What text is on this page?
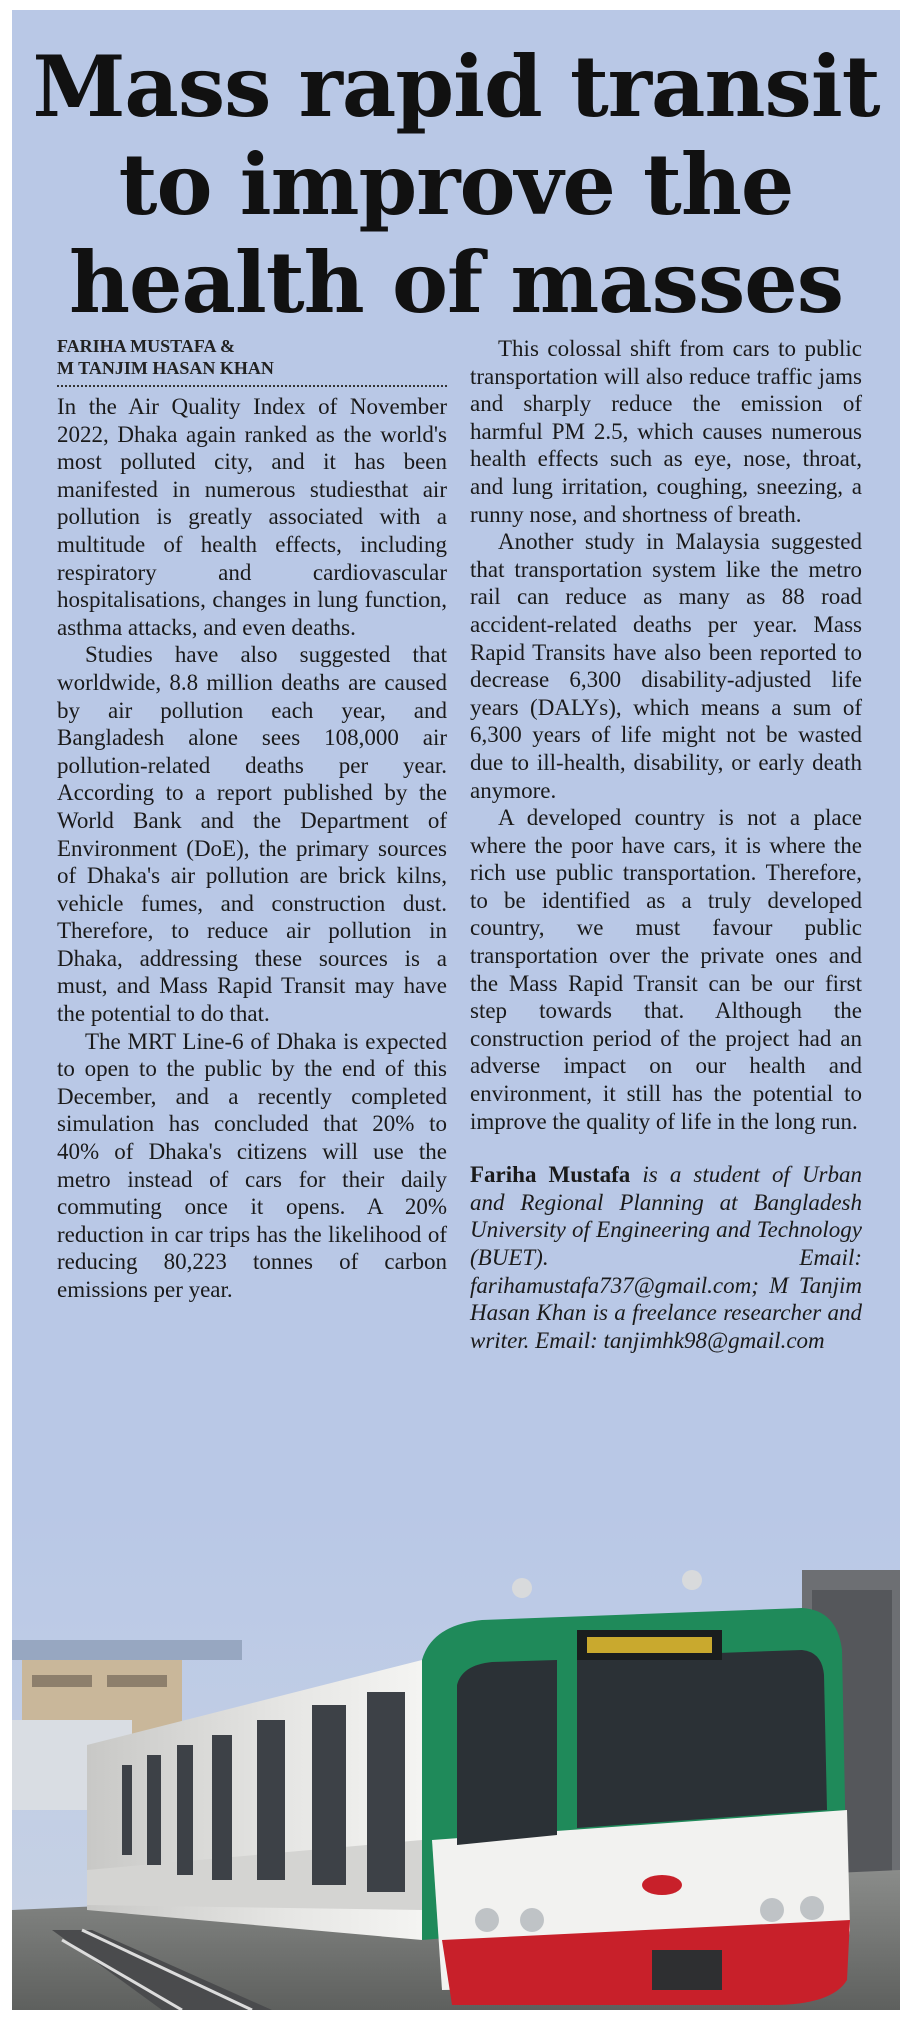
Mass rapid transit
to improve the
health of masses
FARIHA MUSTAFA &
M TANJIM HASAN KHAN

In the Air Quality Index of November 2022, Dhaka again ranked as the world's most polluted city, and it has been manifested in numerous studiesthat air pollution is greatly associated with a multitude of health effects, including respiratory and cardiovascular hospitalisations, changes in lung function, asthma attacks, and even deaths.

Studies have also suggested that worldwide, 8.8 million deaths are caused by air pollution each year, and Bangladesh alone sees 108,000 air pollution-related deaths per year. According to a report published by the World Bank and the Department of Environment (DoE), the primary sources of Dhaka's air pollution are brick kilns, vehicle fumes, and construction dust. Therefore, to reduce air pollution in Dhaka, addressing these sources is a must, and Mass Rapid Transit may have the potential to do that.

The MRT Line-6 of Dhaka is expected to open to the public by the end of this December, and a recently completed simulation has concluded that 20% to 40% of Dhaka's citizens will use the metro instead of cars for their daily commuting once it opens. A 20% reduction in car trips has the likelihood of reducing 80,223 tonnes of carbon emissions per year.

This colossal shift from cars to public transportation will also reduce traffic jams and sharply reduce the emission of harmful PM 2.5, which causes numerous health effects such as eye, nose, throat, and lung irritation, coughing, sneezing, a runny nose, and shortness of breath.

Another study in Malaysia suggested that transportation system like the metro rail can reduce as many as 88 road accident-related deaths per year. Mass Rapid Transits have also been reported to decrease 6,300 disability-adjusted life years (DALYs), which means a sum of 6,300 years of life might not be wasted due to ill-health, disability, or early death anymore.

A developed country is not a place where the poor have cars, it is where the rich use public transportation. Therefore, to be identified as a truly developed country, we must favour public transportation over the private ones and the Mass Rapid Transit can be our first step towards that. Although the construction period of the project had an adverse impact on our health and environment, it still has the potential to improve the quality of life in the long run.

Fariha Mustafa is a student of Urban and Regional Planning at Bangladesh University of Engineering and Technology (BUET). Email: farihamustafa737@gmail.com; M Tanjim Hasan Khan is a freelance researcher and writer. Email: tanjimhk98@gmail.com
